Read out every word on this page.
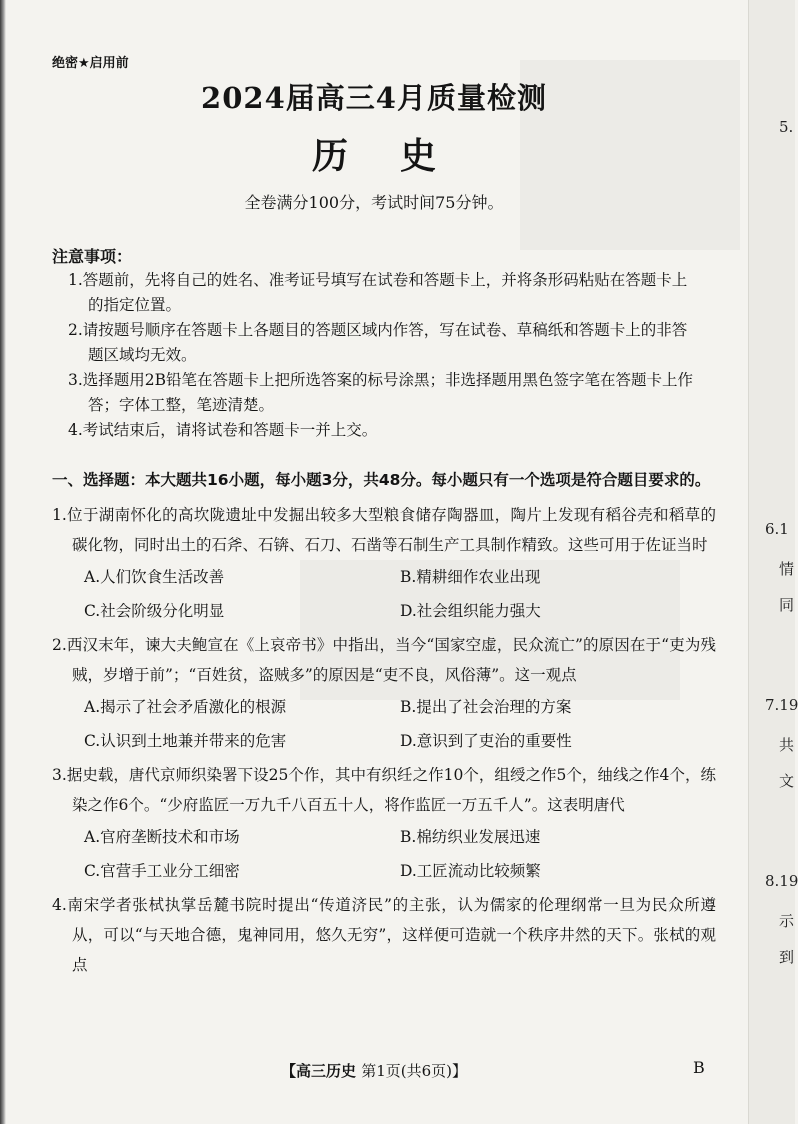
5.
6.1
情
同
7.19
共
文
8.19
示
到
绝密★启用前
2024届高三4月质量检测
历史
全卷满分100分，考试时间75分钟。
注意事项：
1.答题前，先将自己的姓名、准考证号填写在试卷和答题卡上，并将条形码粘贴在答题卡上的指定位置。
2.请按题号顺序在答题卡上各题目的答题区域内作答，写在试卷、草稿纸和答题卡上的非答题区域均无效。
3.选择题用2B铅笔在答题卡上把所选答案的标号涂黑；非选择题用黑色签字笔在答题卡上作答；字体工整，笔迹清楚。
4.考试结束后，请将试卷和答题卡一并上交。
一、选择题：本大题共16小题，每小题3分，共48分。每小题只有一个选项是符合题目要求的。
1.位于湖南怀化的高坎陇遗址中发掘出较多大型粮食储存陶器皿，陶片上发现有稻谷壳和稻草的碳化物，同时出土的石斧、石锛、石刀、石凿等石制生产工具制作精致。这些可用于佐证当时
A.人们饮食生活改善	B.精耕细作农业出现
C.社会阶级分化明显	D.社会组织能力强大
2.西汉末年，谏大夫鲍宣在《上哀帝书》中指出，当今“国家空虚，民众流亡”的原因在于“吏为残贼，岁增于前”；“百姓贫，盗贼多”的原因是“吏不良，风俗薄”。这一观点
A.揭示了社会矛盾激化的根源	B.提出了社会治理的方案
C.认识到土地兼并带来的危害	D.意识到了吏治的重要性
3.据史载，唐代京师织染署下设25个作，其中有织纴之作10个，组绶之作5个，䌷线之作4个，练染之作6个。“少府监匠一万九千八百五十人，将作监匠一万五千人”。这表明唐代
A.官府垄断技术和市场	B.棉纺织业发展迅速
C.官营手工业分工细密	D.工匠流动比较频繁
4.南宋学者张栻执掌岳麓书院时提出“传道济民”的主张，认为儒家的伦理纲常一旦为民众所遵从，可以“与天地合德，鬼神同用，悠久无穷”，这样便可造就一个秩序井然的天下。张栻的观点
【高三历史 第1页(共6页)】	B
